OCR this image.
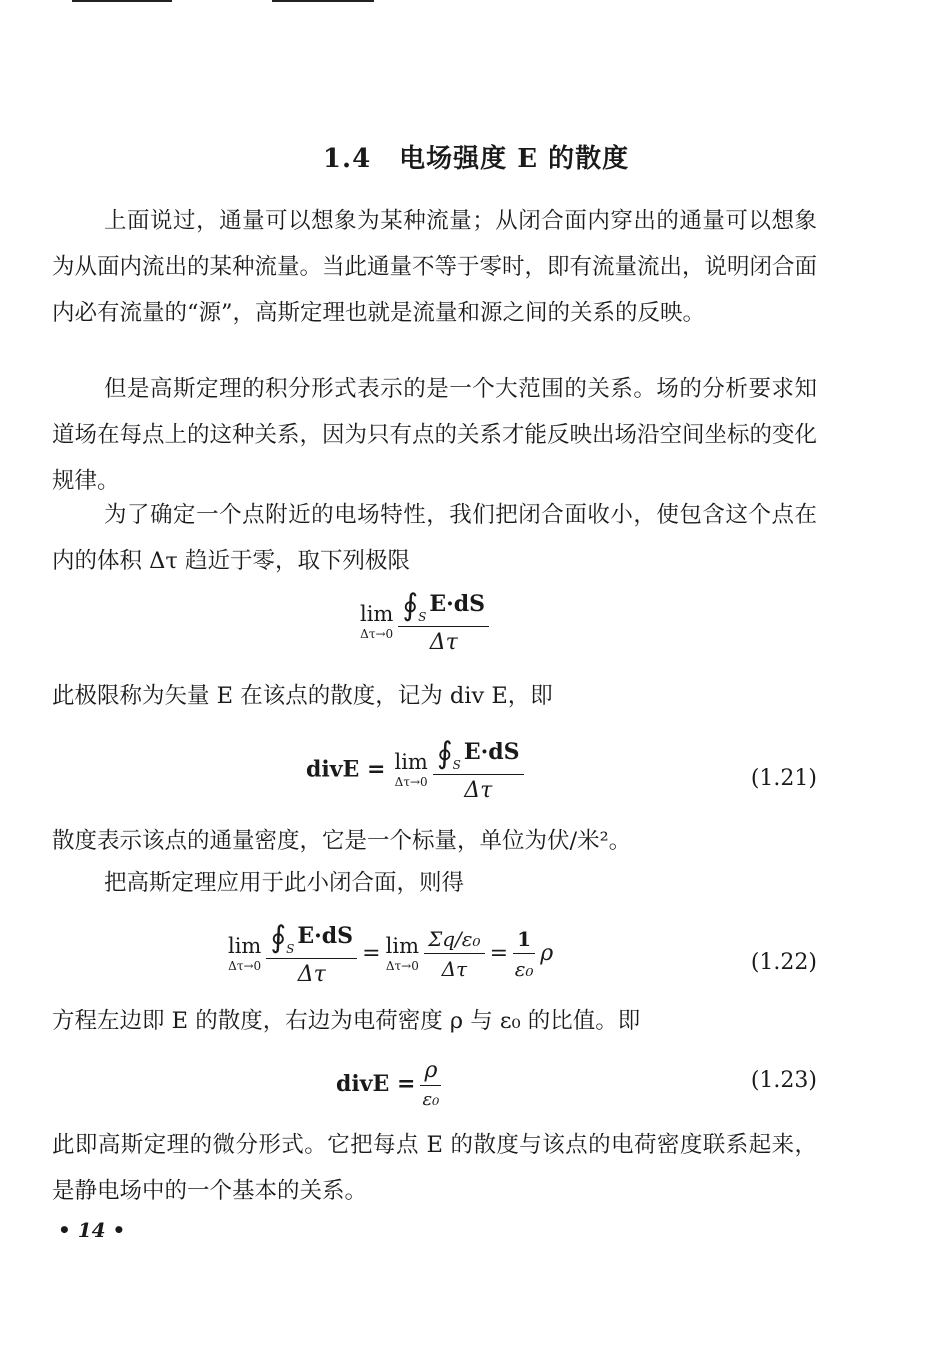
1.4 电场强度 E 的散度

上面说过，通量可以想象为某种流量；从闭合面内穿出的通量可以想象为从面内流出的某种流量。当此通量不等于零时，即有流量流出，说明闭合面内必有流量的“源”，高斯定理也就是流量和源之间的关系的反映。

但是高斯定理的积分形式表示的是一个大范围的关系。场的分析要求知道场在每点上的这种关系，因为只有点的关系才能反映出场沿空间坐标的变化规律。

为了确定一个点附近的电场特性，我们把闭合面收小，使包含这个点在内的体积 Δτ 趋近于零，取下列极限

lim
Δτ→0
$\frac{∮_S E\cdot dS}{\Delta\tau}$

此极限称为矢量 E 在该点的散度，记为 div E，即

divE = lim
Δτ→0
$\frac{∮_S E\cdot dS}{\Delta\tau}$	(1.21)

散度表示该点的通量密度，它是一个标量，单位为伏/米²。

把高斯定理应用于此小闭合面，则得

lim
Δτ→0
$\frac{∮_S E\cdot dS}{\Delta\tau} = \lim$
Δτ→0
$\frac{\text{Σq/ε₀}}{\Delta\tau} = \frac{1}{\text{ε₀}}$ ρ	(1.22)

方程左边即 E 的散度，右边为电荷密度 ρ 与 ε₀ 的比值。即

divE = $\frac{\rho}{\text{ε₀}}$	(1.23)

此即高斯定理的微分形式。它把每点 E 的散度与该点的电荷密度联系起来，是静电场中的一个基本的关系。

• 14 •
